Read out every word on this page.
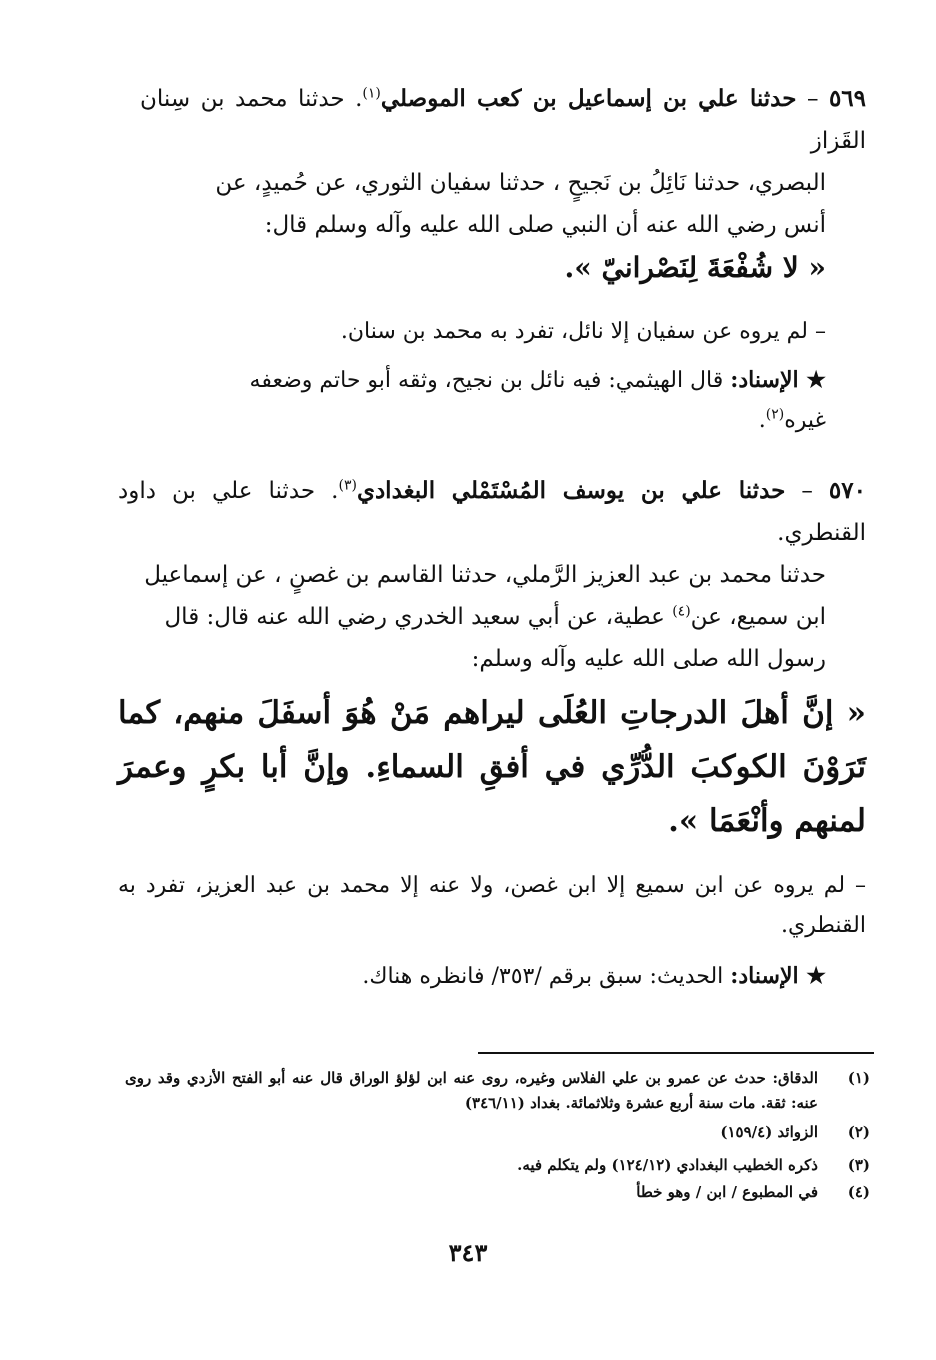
٥٦٩ – حدثنا علي بن إسماعيل بن كعب الموصلي$^{(١)}$. حدثنا محمد بن سِنان القَزاز
البصري، حدثنا نَائِلُ بن نَجيحٍ ، حدثنا سفيان الثوري، عن حُميدٍ، عن
أنس رضي الله عنه أن النبي صلى الله عليه وآله وسلم قال:
« لا شُفْعَةَ لِنَصْرانيّ ».
– لم يروه عن سفيان إلا نائل، تفرد به محمد بن سنان.
★ الإسناد: قال الهيثمي: فيه نائل بن نجيح، وثقه أبو حاتم وضعفه
غيره$^{(٢)}$.
٥٧٠ – حدثنا علي بن يوسف المُسْتَمْلي البغدادي$^{(٣)}$. حدثنا علي بن داود القنطري.
حدثنا محمد بن عبد العزيز الرَّملي، حدثنا القاسم بن غصنٍ ، عن إسماعيل
ابن سميع، عن$^{(٤)}$ عطية، عن أبي سعيد الخدري رضي الله عنه قال: قال
رسول الله صلى الله عليه وآله وسلم:
« إنَّ أهلَ الدرجاتِ العُلَى ليراهم مَنْ هُوَ أسفَلَ منهم، كما تَرَوْنَ الكوكبَ الدُّرِّي في أفقِ السماءِ. وإنَّ أبا بكرٍ وعمرَ لمنهم وأنْعَمَا ».
– لم يروه عن ابن سميع إلا ابن غصن، ولا عنه إلا محمد بن عبد العزيز، تفرد به القنطري.
★ الإسناد: الحديث: سبق برقم /٣٥٣/ فانظره هناك.
(١)
الدقاق: حدث عن عمرو بن علي الفلاس وغيره، روى عنه ابن لؤلؤ الوراق قال عنه أبو الفتح الأزدي وقد روى عنه: ثقة. مات سنة أربع عشرة وثلاثمائة. بغداد (٣٤٦/١١)
(٢)
الزوائد (١٥٩/٤)
(٣)
ذكره الخطيب البغدادي (١٢٤/١٢) ولم يتكلم فيه.
(٤)
في المطبوع / ابن / وهو خطأ
٣٤٣
